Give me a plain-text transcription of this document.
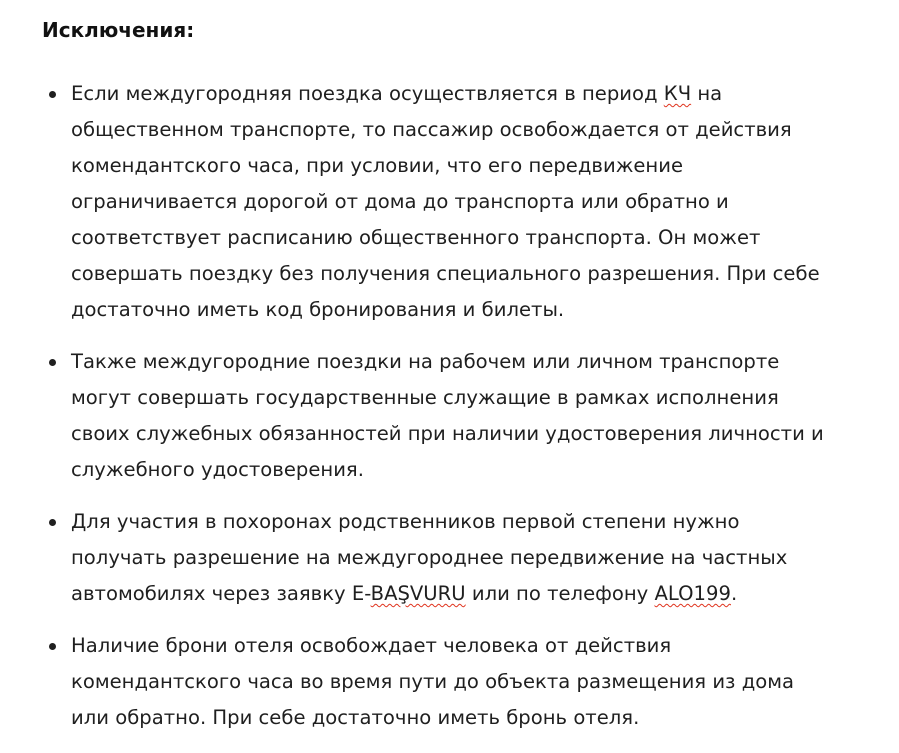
Исключения:
Если междугородняя поездка осуществляется в период КЧ на
общественном транспорте, то пассажир освобождается от действия
комендантского часа, при условии, что его передвижение
ограничивается дорогой от дома до транспорта или обратно и
соответствует расписанию общественного транспорта. Он может
совершать поездку без получения специального разрешения. При себе
достаточно иметь код бронирования и билеты.
Также междугородние поездки на рабочем или личном транспорте
могут совершать государственные служащие в рамках исполнения
своих служебных обязанностей при наличии удостоверения личности и
служебного удостоверения.
Для участия в похоронах родственников первой степени нужно
получать разрешение на междугороднее передвижение на частных
автомобилях через заявку E-BAŞVURU или по телефону ALO199.
Наличие брони отеля освобождает человека от действия
комендантского часа во время пути до объекта размещения из дома
или обратно. При себе достаточно иметь бронь отеля.
